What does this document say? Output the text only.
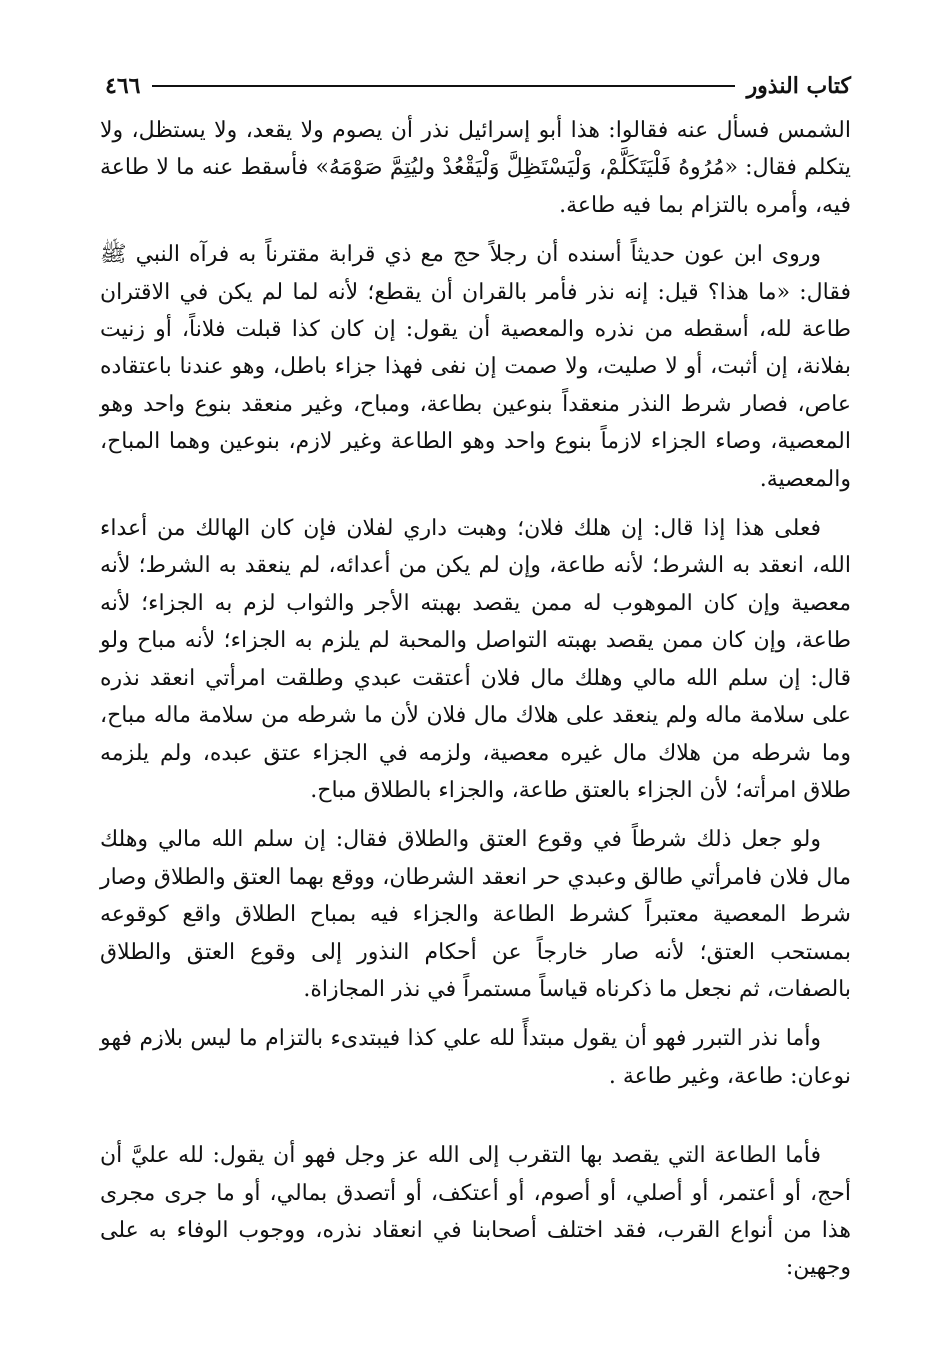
كتاب النذور
٤٦٦

الشمس فسأل عنه فقالوا: هذا أبو إسرائيل نذر أن يصوم ولا يقعد، ولا يستظل، ولا يتكلم فقال: «مُرُوهُ فَلْيَتَكَلَّمْ، وَلْيَسْتَظِلَّ وَلْيَقْعُدْ وليُتِمَّ صَوْمَهُ» فأسقط عنه ما لا طاعة فيه، وأمره بالتزام بما فيه طاعة.

وروى ابن عون حديثاً أسنده أن رجلاً حج مع ذي قرابة مقترناً به فرآه النبي ﷺ فقال: «ما هذا؟ قيل: إنه نذر فأمر بالقران أن يقطع؛ لأنه لما لم يكن في الاقتران طاعة لله، أسقطه من نذره والمعصية أن يقول: إن كان كذا قبلت فلاناً، أو زنيت بفلانة، إن أثبت، أو لا صليت، ولا صمت إن نفى فهذا جزاء باطل، وهو عندنا باعتقاده عاص، فصار شرط النذر منعقداً بنوعين بطاعة، ومباح، وغير منعقد بنوع واحد وهو المعصية، وصاء الجزاء لازماً بنوع واحد وهو الطاعة وغير لازم، بنوعين وهما المباح، والمعصية.

فعلى هذا إذا قال: إن هلك فلان؛ وهبت داري لفلان فإن كان الهالك من أعداء الله، انعقد به الشرط؛ لأنه طاعة، وإن لم يكن من أعدائه، لم ينعقد به الشرط؛ لأنه معصية وإن كان الموهوب له ممن يقصد بهبته الأجر والثواب لزم به الجزاء؛ لأنه طاعة، وإن كان ممن يقصد بهبته التواصل والمحبة لم يلزم به الجزاء؛ لأنه مباح ولو قال: إن سلم الله مالي وهلك مال فلان أعتقت عبدي وطلقت امرأتي انعقد نذره على سلامة ماله ولم ينعقد على هلاك مال فلان لأن ما شرطه من سلامة ماله مباح، وما شرطه من هلاك مال غيره معصية، ولزمه في الجزاء عتق عبده، ولم يلزمه طلاق امرأته؛ لأن الجزاء بالعتق طاعة، والجزاء بالطلاق مباح.

ولو جعل ذلك شرطاً في وقوع العتق والطلاق فقال: إن سلم الله مالي وهلك مال فلان فامرأتي طالق وعبدي حر انعقد الشرطان، ووقع بهما العتق والطلاق وصار شرط المعصية معتبراً كشرط الطاعة والجزاء فيه بمباح الطلاق واقع كوقوعه بمستحب العتق؛ لأنه صار خارجاً عن أحكام النذور إلى وقوع العتق والطلاق بالصفات، ثم نجعل ما ذكرناه قياساً مستمراً في نذر المجازاة.

وأما نذر التبرر فهو أن يقول مبتدأً لله علي كذا فيبتدىء بالتزام ما ليس بلازم فهو نوعان: طاعة، وغير طاعة .

فأما الطاعة التي يقصد بها التقرب إلى الله عز وجل فهو أن يقول: لله عليَّ أن أحج، أو أعتمر، أو أصلي، أو أصوم، أو أعتكف، أو أتصدق بمالي، أو ما جرى مجرى هذا من أنواع القرب، فقد اختلف أصحابنا في انعقاد نذره، ووجوب الوفاء به على وجهين:
